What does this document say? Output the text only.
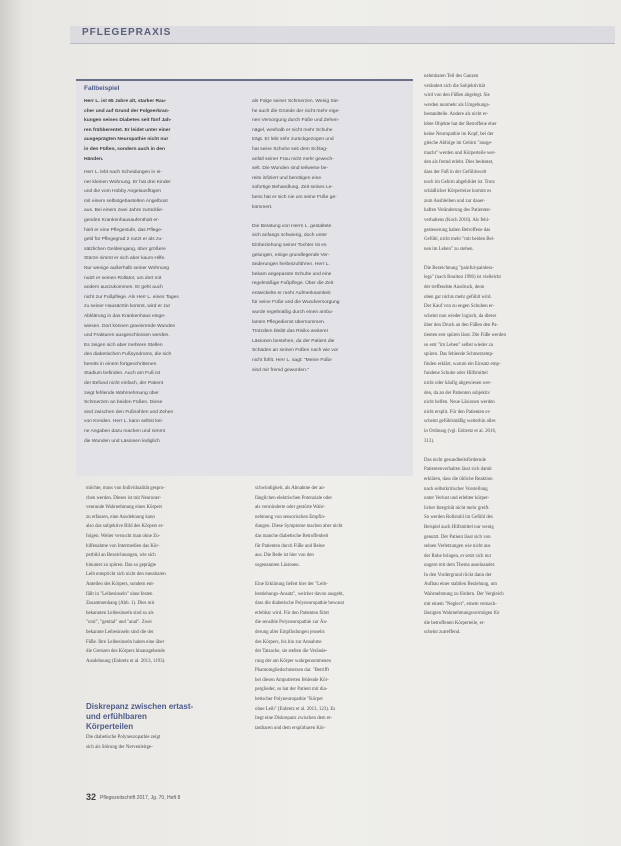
PFLEGEPRAXIS
Fallbeispiel

Herr L. ist 65 Jahre alt, starker Rau-
cher und auf Grund der Folgeerkran-
kungen seines Diabetes seit fünf Jah-
ren frühberentet. Er leidet unter einer
ausgeprägten Neuropathie nicht nur
in den Füßen, sondern auch in den
Händen.

Herr L. lebt nach Scheidungen in ei-
ner kleinen Wohnung. Er hat drei Kinder
und die vom Hobby Angelausflügen
mit einem selbstgebastelten Angelboot
aus. Bei einem zwei Jahre zurücklie-
genden Krankenhausaufenthalt er-
hielt er eine Pflegestufe, das Pflege-
geld für Pflegegrad 2 nutzt er als zu-
sätzlichen Geldeingang, über größere
Stürze nimmt er sich aber kaum Hilfe.
Nur wenige außerhalb seiner Wohnung
nutzt er seinen Rollator, um dort mit
andern auszukommen. Er geht auch
nicht zur Fußpflege. Als Herr L. eines Tages
zu seiner Hausärztin kommt, wird er zur
Abklärung in das Krankenhaus einge-
wiesen. Dort können gravierende Wunden
und Frakturen ausgeschlossen werden.
Es zeigen sich aber mehrere Stellen
des diabetischen Fußsyndroms, die sich
bereits in einem fortgeschrittenen
Stadium befinden. Auch am Fuß ist
der Befund nicht einfach, der Patient
zeigt fehlende Wahrnehmung über
Schmerzen an beiden Füßen. Diese
sind zwischen den Fußsohlen und Zehen
von Kreiden. Herr L. kann selbst kei-
ne Angaben dazu machen und nimmt
die Wunden und Läsionen lediglich

als Folge seiner Schmerzen. Wenig Sie-
he auch die Gründe der nicht mehr eige-
nen Versorgung durch Füße und Zehen-
nägel, weshalb er nicht mehr Schuhe
trägt. Er lebt sehr zurückgezogen und
hat seine Schuhe seit dem Schlag-
anfall seiner Frau nicht mehr gewech-
selt. Die Wunden sind teilweise be-
reits infiziert und benötigen eine
sofortige Behandlung. Zeit seines Le-
bens hat er sich nie um seine Füße ge-
kümmert.

Die Beratung von Herrn L. gestaltete
sich anfangs schwierig, doch unter
Einbeziehung seiner Tochter ist es
gelungen, einige grundlegende Ver-
änderungen herbeizuführen. Herr L.
bekam angepasste Schuhe und eine
regelmäßige Fußpflege. Über die Zeit
entwickelte er mehr Aufmerksamkeit
für seine Füße und die Wundversorgung
wurde regelmäßig durch einen ambu-
lanten Pflegedienst übernommen.
Trotzdem bleibt das Risiko weiterer
Läsionen bestehen, da der Patient die
Schäden an seinen Füßen nach wie vor
nicht fühlt. Herr L. sagt: "Meine Füße
sind mir fremd geworden."

nehmbaren Teil des Ganzen
verändert sich die Subjektivität
wird von den Füßen abgelegt. Sie
werden nunmehr als Umgebungs-
bestandteile. Andere als nicht er-
lebte Objekte hat der Betroffene eher
keine Neuropathie im Kopf, bei der
gleiche Abfolge im Gehirn "ausge-
macht" werden und Körperteile wer-
den als fremd erlebt. Dies bedeutet,
dass der Fuß in der Gefühlswelt
noch im Gehirn abgebildet ist. Trotz
schädlicher Körperreize kommt es
zum Ausbleiben und zur dauer-
haften Veränderung des Patienten-
verhaltens (Koch 2016). Als fehl-
gesteuerung haben Betroffene das
Gefühl, nicht mehr "mit beiden Bei-
nen im Leben" zu stehen.

Die Bezeichnung "painful-painless-
legs" (nach Boulton 1996) ist vielleicht
der treffendste Ausdruck, denn
oben gar nichts mehr gefühlt wird.
Der Kauf von zu engen Schuhen er-
scheint nun wieder logisch, da dieser
über den Druck an den Füßen den Pa-
tienten erst spüren lässt. Die Füße werden
so erst "im Leben" selbst wieder zu
spüren. Das fehlende Schmerzemp-
finden erklärt, warum ein Einsatz emp-
fundene Schuhe oder Hilfsmittel
nicht oder häufig abgewiesen wer-
den, da an der Patienten subjektiv
nicht helfen. Neue Läsionen werden
nicht ersplit. Für den Patienten er-
scheint gefühlsmäßig weiterhin alles
in Ordnung (vgl. Enbretz et al. 2016,
313).

Das nicht gesundheitsfördernde
Patientenverhalten lässt sich damit
erklären, dass die übliche Reaktion
nach selbstkritischer Vorstellung
unter Verlust und erlebter körper-
licher Integrität nicht mehr greift.
So werden Rollstuhl im Gefühl des
Beispiel auch Hilfsmittel nur wenig
genutzt. Der Patient lässt sich von
seinen Verletzungen wie nicht aus
der Ruhe bringen, er setzt sich nur
ungern mit dem Thema auseinander.
In den Vordergrund rückt dann der
Aufbau einer stabilen Beziehung, um
Wahrnehmung zu fördern. Der Vergleich
mit einem "Neglect", einem vernach-
lässigten Wahrnehmungsvermögen für
die betroffenen Körperteile, er-
scheint zutreffend.

möchte, muss von Individualität gespro-
chen werden. Dieses ist mit Neuroner-
venrunde Wahrnehmung eines Körpers
zu erfassen, eine Ausdehnung kann
also das subjektive Bild des Körpers er-
folgen. Weiter versucht man ohne Zu-
hilfenahme von Intermedien das Kör-
perbild an Bezeichnungen, wie sich
hinunter zu spüren. Das so geprägte
Leib entspricht sich nicht den messbaren
Anteilen des Körpers, sondern ent-
fällt in "Leibesinseln" ohne festen
Zusammenhang (Abb. 1). Dies mit
bekannten Leibesinseln sind so als
"oral", "genital" und "anal". Zwei
bekannte Leibesinseln sind die der
Füße. Ihre Leibesinseln haben eine über
die Grenzen des Körpers hinausgehende
Ausdehnung (Enbretz et al. 2013, 1193).

Diskrepanz zwischen ertast- und erfühlbaren Körperteilen

Die diabetische Polyneuropathie zeigt
sich als Störung der Nervenleitge-

schwindigkeit, als Abnahme der an-
fänglichen elektrischen Potenziale oder
als verminderte oder gestörte Wahr-
nehmung von sensorischen Empfin-
dungen. Diese Symptome machen aber nicht
das manche diabetische Betroffenheit
für Patienten durch Füße und Beine
aus. Die Rede ist hier von den
sogenannten Läsionen.

Eine Erklärung liefert hier der "Leib-
bestiehungs-Ansatz", welcher davon ausgeht,
dass die diabetische Polyneuropathie bewusst
erlebbar wird. Für den Patienten führt
die sensible Polyneuropathie zur Än-
derung aller Empfindungen jenseits
des Körpers, bis hin zur Annahme
der Tatsache, sie stellen die Verände-
rung der am Körper wahrgenommenen
Phantomgliedschmerzen dar. "Betrifft
bei diesen Amputierten fehlende Kör-
perglieder, so hat der Patient mit dia-
betischer Polyneuropathie "Körper
ohne Leib" (Enbretz et al. 2013, 123). Es
liegt eine Diskrepanz zwischen dem er-
tastbaren und dem erspürbaren Kör-

32 Pflegezeitschrift 2017, Jg. 70, Heft 8
